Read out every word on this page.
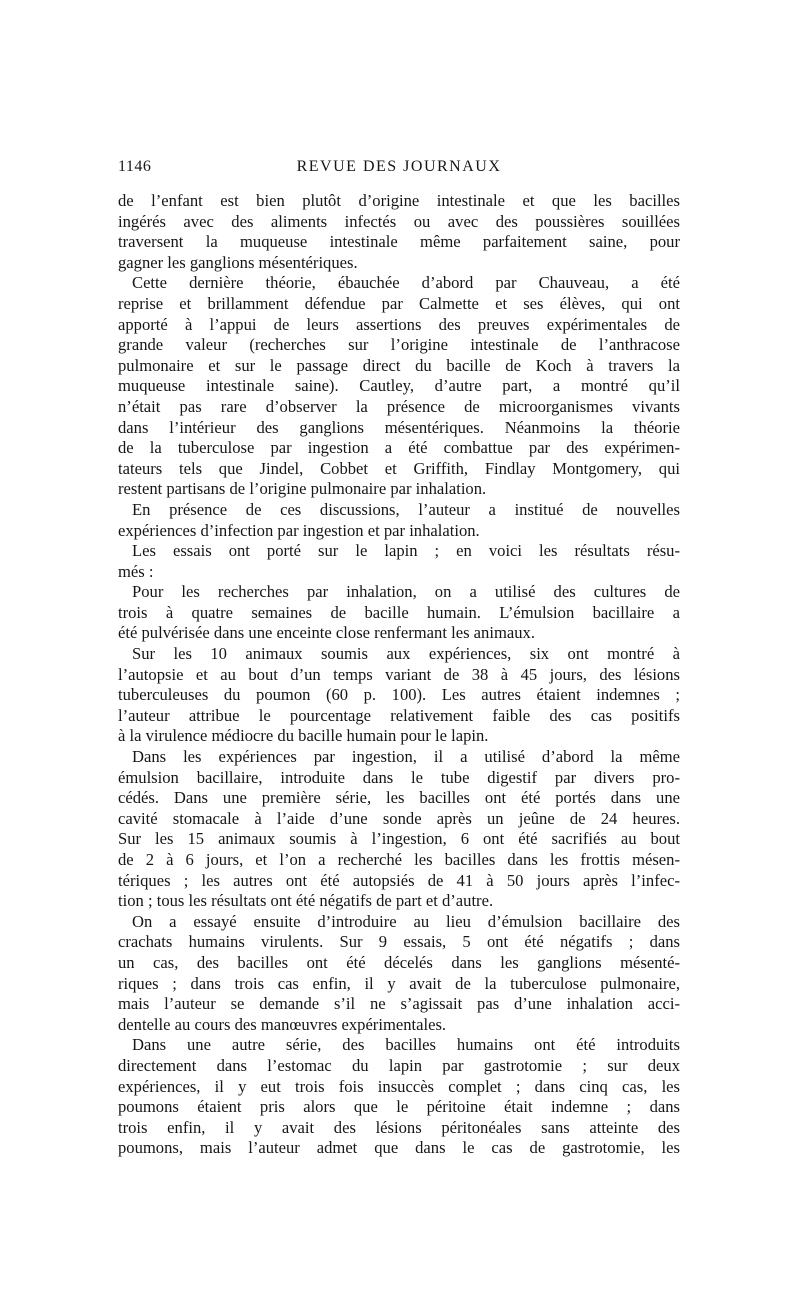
1146	REVUE DES JOURNAUX
de l’enfant est bien plutôt d’origine intestinale et que les bacilles
ingérés avec des aliments infectés ou avec des poussières souillées
traversent la muqueuse intestinale même parfaitement saine, pour
gagner les ganglions mésentériques.
Cette dernière théorie, ébauchée d’abord par Chauveau, a été
reprise et brillamment défendue par Calmette et ses élèves, qui ont
apporté à l’appui de leurs assertions des preuves expérimentales de
grande valeur (recherches sur l’origine intestinale de l’anthracose
pulmonaire et sur le passage direct du bacille de Koch à travers la
muqueuse intestinale saine). Cautley, d’autre part, a montré qu’il
n’était pas rare d’observer la présence de microorganismes vivants
dans l’intérieur des ganglions mésentériques. Néanmoins la théorie
de la tuberculose par ingestion a été combattue par des expérimen-
tateurs tels que Jindel, Cobbet et Griffith, Findlay Montgomery, qui
restent partisans de l’origine pulmonaire par inhalation.
En présence de ces discussions, l’auteur a institué de nouvelles
expériences d’infection par ingestion et par inhalation.
Les essais ont porté sur le lapin ; en voici les résultats résu-
més :
Pour les recherches par inhalation, on a utilisé des cultures de
trois à quatre semaines de bacille humain. L’émulsion bacillaire a
été pulvérisée dans une enceinte close renfermant les animaux.
Sur les 10 animaux soumis aux expériences, six ont montré à
l’autopsie et au bout d’un temps variant de 38 à 45 jours, des lésions
tuberculeuses du poumon (60 p. 100). Les autres étaient indemnes ;
l’auteur attribue le pourcentage relativement faible des cas positifs
à la virulence médiocre du bacille humain pour le lapin.
Dans les expériences par ingestion, il a utilisé d’abord la même
émulsion bacillaire, introduite dans le tube digestif par divers pro-
cédés. Dans une première série, les bacilles ont été portés dans une
cavité stomacale à l’aide d’une sonde après un jeûne de 24 heures.
Sur les 15 animaux soumis à l’ingestion, 6 ont été sacrifiés au bout
de 2 à 6 jours, et l’on a recherché les bacilles dans les frottis mésen-
tériques ; les autres ont été autopsiés de 41 à 50 jours après l’infec-
tion ; tous les résultats ont été négatifs de part et d’autre.
On a essayé ensuite d’introduire au lieu d’émulsion bacillaire des
crachats humains virulents. Sur 9 essais, 5 ont été négatifs ; dans
un cas, des bacilles ont été décelés dans les ganglions mésenté-
riques ; dans trois cas enfin, il y avait de la tuberculose pulmonaire,
mais l’auteur se demande s’il ne s’agissait pas d’une inhalation acci-
dentelle au cours des manœuvres expérimentales.
Dans une autre série, des bacilles humains ont été introduits
directement dans l’estomac du lapin par gastrotomie ; sur deux
expériences, il y eut trois fois insuccès complet ; dans cinq cas, les
poumons étaient pris alors que le péritoine était indemne ; dans
trois enfin, il y avait des lésions péritonéales sans atteinte des
poumons, mais l’auteur admet que dans le cas de gastrotomie, les
